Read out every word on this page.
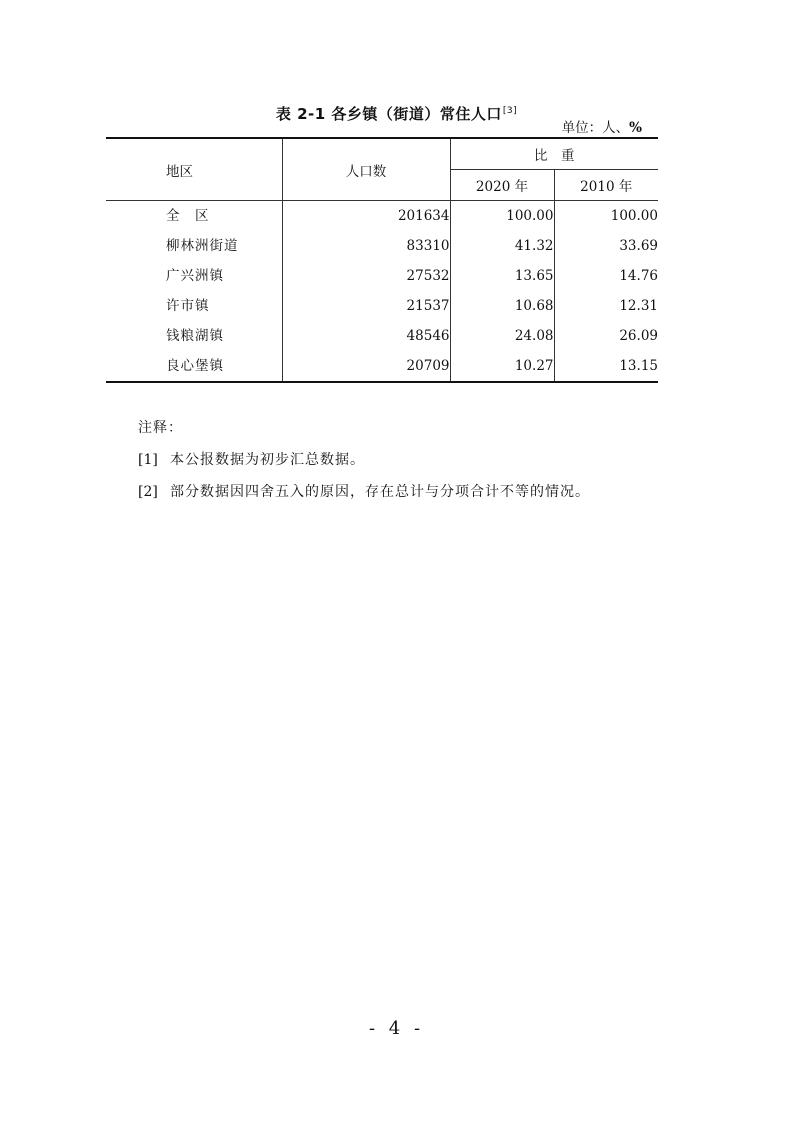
表 2-1 各乡镇（街道）常住人口[3]
单位：人、%
地区	人口数	比　重	
		2020 年	2010 年
全　区	201634	100.00	100.00
柳林洲街道	83310	41.32	33.69
广兴洲镇	27532	13.65	14.76
许市镇	21537	10.68	12.31
钱粮湖镇	48546	24.08	26.09
良心堡镇	20709	10.27	13.15
注释：
[1] 本公报数据为初步汇总数据。
[2] 部分数据因四舍五入的原因，存在总计与分项合计不等的情况。
- 4 -
